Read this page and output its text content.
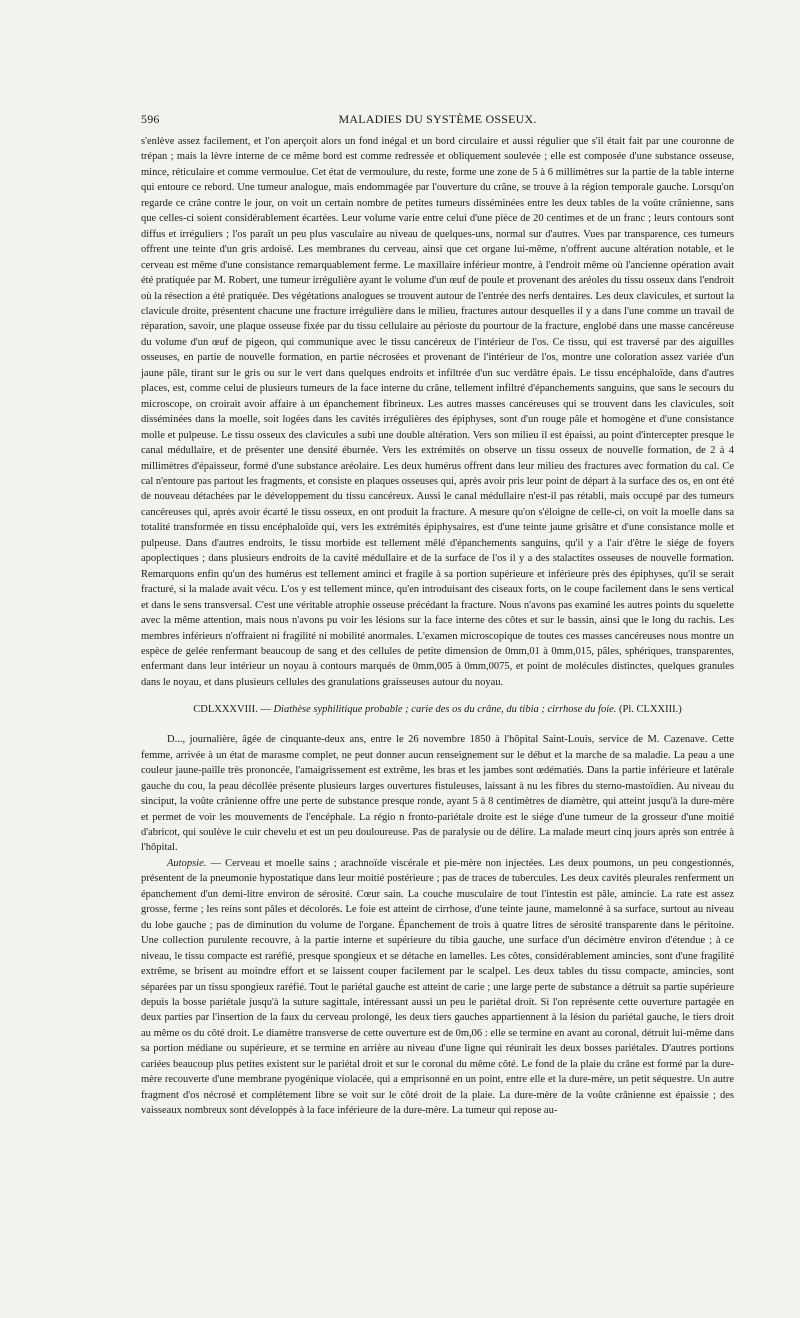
596	MALADIES DU SYSTÈME OSSEUX.

s'enlève assez facilement, et l'on aperçoit alors un fond inégal et un bord circulaire et aussi régulier que s'il était fait par une couronne de trépan ; mais la lèvre interne de ce même bord est comme redressée et obliquement soulevée ; elle est composée d'une substance osseuse, mince, réticulaire et comme vermoulue. Cet état de vermoulure, du reste, forme une zone de 5 à 6 millimètres sur la partie de la table interne qui entoure ce rebord. Une tumeur analogue, mais endommagée par l'ouverture du crâne, se trouve à la région temporale gauche. Lorsqu'on regarde ce crâne contre le jour, on voit un certain nombre de petites tumeurs disséminées entre les deux tables de la voûte crânienne, sans que celles-ci soient considérablement écartées. Leur volume varie entre celui d'une pièce de 20 centimes et de un franc ; leurs contours sont diffus et irréguliers ; l'os paraît un peu plus vasculaire au niveau de quelques-uns, normal sur d'autres. Vues par transparence, ces tumeurs offrent une teinte d'un gris ardoisé. Les membranes du cerveau, ainsi que cet organe lui-même, n'offrent aucune altération notable, et le cerveau est même d'une consistance remarquablement ferme. Le maxillaire inférieur montre, à l'endroit même où l'ancienne opération avait été pratiquée par M. Robert, une tumeur irrégulière ayant le volume d'un œuf de poule et provenant des aréoles du tissu osseux dans l'endroit où la résection a été pratiquée. Des végétations analogues se trouvent autour de l'entrée des nerfs dentaires. Les deux clavicules, et surtout la clavicule droite, présentent chacune une fracture irrégulière dans le milieu, fractures autour desquelles il y a dans l'une comme un travail de réparation, savoir, une plaque osseuse fixée par du tissu cellulaire au périoste du pourtour de la fracture, englobé dans une masse cancéreuse du volume d'un œuf de pigeon, qui communique avec le tissu cancéreux de l'intérieur de l'os. Ce tissu, qui est traversé par des aiguilles osseuses, en partie de nouvelle formation, en partie nécrosées et provenant de l'intérieur de l'os, montre une coloration assez variée d'un jaune pâle, tirant sur le gris ou sur le vert dans quelques endroits et infiltrée d'un suc verdâtre épais. Le tissu encéphaloïde, dans d'autres places, est, comme celui de plusieurs tumeurs de la face interne du crâne, tellement infiltré d'épanchements sanguins, que sans le secours du microscope, on croirait avoir affaire à un épanchement fibrineux. Les autres masses cancéreuses qui se trouvent dans les clavicules, soit disséminées dans la moelle, soit logées dans les cavités irrégulières des épiphyses, sont d'un rouge pâle et homogène et d'une consistance molle et pulpeuse. Le tissu osseux des clavicules a subi une double altération. Vers son milieu il est épaissi, au point d'intercepter presque le canal médullaire, et de présenter une densité éburnée. Vers les extrémités on observe un tissu osseux de nouvelle formation, de 2 à 4 millimètres d'épaisseur, formé d'une substance aréolaire. Les deux humérus offrent dans leur milieu des fractures avec formation du cal. Ce cal n'entoure pas partout les fragments, et consiste en plaques osseuses qui, après avoir pris leur point de départ à la surface des os, en ont été de nouveau détachées par le développement du tissu cancéreux. Aussi le canal médullaire n'est-il pas rétabli, mais occupé par des tumeurs cancéreuses qui, après avoir écarté le tissu osseux, en ont produit la fracture. A mesure qu'on s'éloigne de celle-ci, on voit la moelle dans sa totalité transformée en tissu encéphaloïde qui, vers les extrémités épiphysaires, est d'une teinte jaune grisâtre et d'une consistance molle et pulpeuse. Dans d'autres endroits, le tissu morbide est tellement mêlé d'épanchements sanguins, qu'il y a l'air d'être le siége de foyers apoplectiques ; dans plusieurs endroits de la cavité médullaire et de la surface de l'os il y a des stalactites osseuses de nouvelle formation. Remarquons enfin qu'un des humérus est tellement aminci et fragile à sa portion supérieure et inférieure près des épiphyses, qu'il se serait fracturé, si la malade avait vécu. L'os y est tellement mince, qu'en introduisant des ciseaux forts, on le coupe facilement dans le sens vertical et dans le sens transversal. C'est une véritable atrophie osseuse précédant la fracture. Nous n'avons pas examiné les autres points du squelette avec la même attention, mais nous n'avons pu voir les lésions sur la face interne des côtes et sur le bassin, ainsi que le long du rachis. Les membres inférieurs n'offraient ni fragilité ni mobilité anormales. L'examen microscopique de toutes ces masses cancéreuses nous montre un espèce de gelée renfermant beaucoup de sang et des cellules de petite dimension de 0mm,01 à 0mm,015, pâles, sphériques, transparentes, enfermant dans leur intérieur un noyau à contours marqués de 0mm,005 à 0mm,0075, et point de molécules distinctes, quelques granules dans le noyau, et dans plusieurs cellules des granulations graisseuses autour du noyau.

CDLXXXVIII. — Diathèse syphilitique probable ; carie des os du crâne, du tibia ; cirrhose du foie. (Pl. CLXXIII.)

D..., journalière, âgée de cinquante-deux ans, entre le 26 novembre 1850 à l'hôpital Saint-Louis, service de M. Cazenave. Cette femme, arrivée à un état de marasme complet, ne peut donner aucun renseignement sur le début et la marche de sa maladie. La peau a une couleur jaune-paille très prononcée, l'amaigrissement est extrême, les bras et les jambes sont œdématiés. Dans la partie inférieure et latérale gauche du cou, la peau décollée présente plusieurs larges ouvertures fistuleuses, laissant à nu les fibres du sterno-mastoïdien. Au niveau du sinciput, la voûte crânienne offre une perte de substance presque ronde, ayant 5 à 8 centimètres de diamètre, qui atteint jusqu'à la dure-mère et permet de voir les mouvements de l'encéphale. La régio n fronto-pariétale droite est le siége d'une tumeur de la grosseur d'une moitié d'abricot, qui soulève le cuir chevelu et est un peu douloureuse. Pas de paralysie ou de délire. La malade meurt cinq jours après son entrée à l'hôpital.

Autopsie. — Cerveau et moelle sains ; arachnoïde viscérale et pie-mère non injectées. Les deux poumons, un peu congestionnés, présentent de la pneumonie hypostatique dans leur moitié postérieure ; pas de traces de tubercules. Les deux cavités pleurales renferment un épanchement d'un demi-litre environ de sérosité. Cœur sain. La couche musculaire de tout l'intestin est pâle, amincie. La rate est assez grosse, ferme ; les reins sont pâles et décolorés. Le foie est atteint de cirrhose, d'une teinte jaune, mamelonné à sa surface, surtout au niveau du lobe gauche ; pas de diminution du volume de l'organe. Épanchement de trois à quatre litres de sérosité transparente dans le péritoine. Une collection purulente recouvre, à la partie interne et supérieure du tibia gauche, une surface d'un décimètre environ d'étendue ; à ce niveau, le tissu compacte est raréfié, presque spongieux et se détache en lamelles. Les côtes, considérablement amincies, sont d'une fragilité extrême, se brisent au moindre effort et se laissent couper facilement par le scalpel. Les deux tables du tissu compacte, amincies, sont séparées par un tissu spongieux raréfié. Tout le pariétal gauche est atteint de carie ; une large perte de substance a détruit sa partie supérieure depuis la bosse pariétale jusqu'à la suture sagittale, intéressant aussi un peu le pariétal droit. Si l'on représente cette ouverture partagée en deux parties par l'insertion de la faux du cerveau prolongé, les deux tiers gauches appartiennent à la lésion du pariétal gauche, le tiers droit au même os du côté droit. Le diamètre transverse de cette ouverture est de 0m,06 : elle se termine en avant au coronal, détruit lui-même dans sa portion médiane ou supérieure, et se termine en arrière au niveau d'une ligne qui réunirait les deux bosses pariétales. D'autres portions cariées beaucoup plus petites existent sur le pariétal droit et sur le coronal du même côté. Le fond de la plaie du crâne est formé par la dure-mère recouverte d'une membrane pyogénique violacée, qui a emprisonné en un point, entre elle et la dure-mère, un petit séquestre. Un autre fragment d'os nécrosé et complétement libre se voit sur le côté droit de la plaie. La dure-mère de la voûte crânienne est épaissie ; des vaisseaux nombreux sont développés à la face inférieure de la dure-mère. La tumeur qui repose au-
